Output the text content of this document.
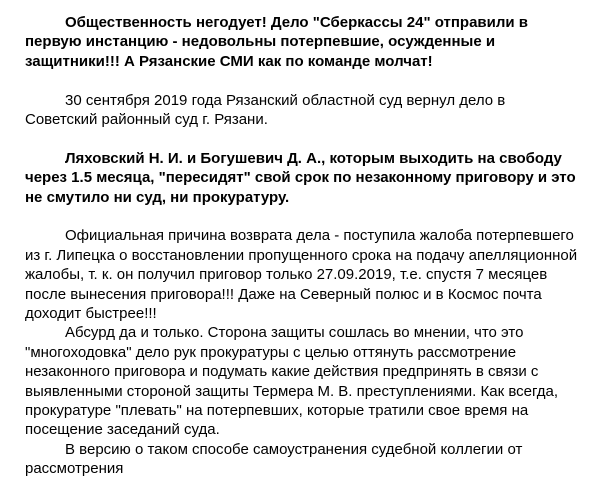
Общественность негодует! Дело "Сберкассы 24" отправили в первую инстанцию - недовольны потерпевшие, осужденные и защитники!!! А Рязанские СМИ как по команде молчат!

30 сентября 2019 года Рязанский областной суд вернул дело в Советский районный суд г. Рязани.

Ляховский Н. И. и Богушевич Д. А., которым выходить на свободу через 1.5 месяца, "пересидят" свой срок по незаконному приговору и это не смутило ни суд, ни прокуратуру.

Официальная причина возврата дела - поступила жалоба потерпевшего из г. Липецка о восстановлении пропущенного срока на подачу апелляционной жалобы, т. к. он получил приговор только 27.09.2019, т.е. спустя 7 месяцев после вынесения приговора!!! Даже на Северный полюс и в Космос почта доходит быстрее!!!

Абсурд да и только. Сторона защиты сошлась во мнении, что это "многоходовка" дело рук прокуратуры с целью оттянуть рассмотрение незаконного приговора и подумать какие действия предпринять в связи с выявленными стороной защиты Термера М. В. преступлениями. Как всегда, прокуратуре "плевать" на потерпевших, которые тратили свое время на посещение заседаний суда.

В версию о таком способе самоустранения судебной коллегии от рассмотрения
